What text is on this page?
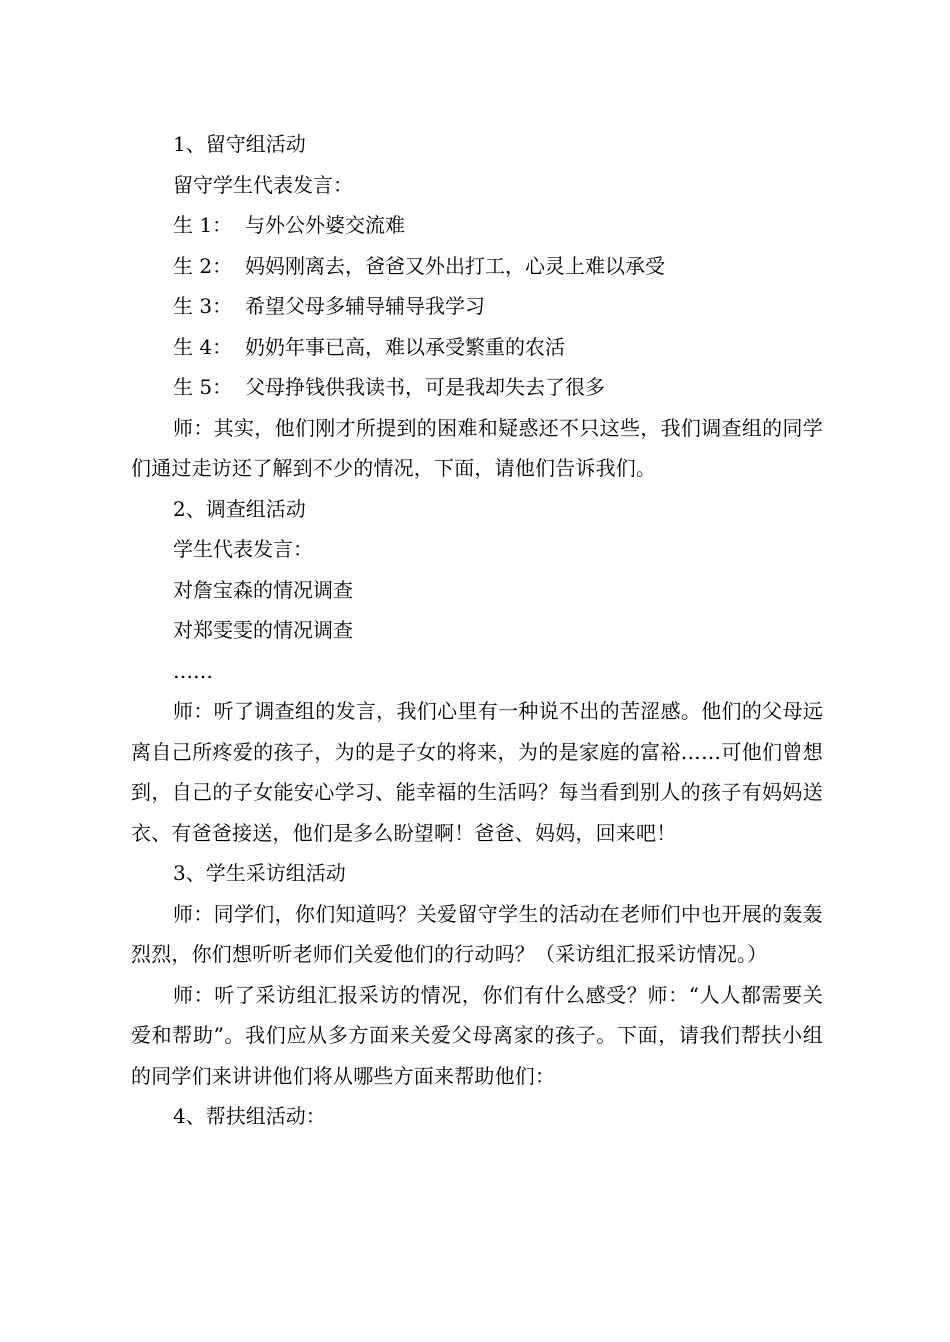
1、留守组活动
留守学生代表发言：
生 1： 与外公外婆交流难
生 2： 妈妈刚离去，爸爸又外出打工，心灵上难以承受
生 3： 希望父母多辅导辅导我学习
生 4： 奶奶年事已高，难以承受繁重的农活
生 5： 父母挣钱供我读书，可是我却失去了很多
师：其实，他们刚才所提到的困难和疑惑还不只这些，我们调查组的同学们通过走访还了解到不少的情况，下面，请他们告诉我们。
2、调查组活动
学生代表发言：
对詹宝森的情况调查
对郑雯雯的情况调查
……
师：听了调查组的发言，我们心里有一种说不出的苦涩感。他们的父母远离自己所疼爱的孩子，为的是子女的将来，为的是家庭的富裕……可他们曾想到，自己的子女能安心学习、能幸福的生活吗？每当看到别人的孩子有妈妈送衣、有爸爸接送，他们是多么盼望啊！爸爸、妈妈，回来吧！
3、学生采访组活动
师：同学们，你们知道吗？关爱留守学生的活动在老师们中也开展的轰轰烈烈，你们想听听老师们关爱他们的行动吗？（采访组汇报采访情况。）
师：听了采访组汇报采访的情况，你们有什么感受？师：“人人都需要关爱和帮助”。我们应从多方面来关爱父母离家的孩子。下面，请我们帮扶小组的同学们来讲讲他们将从哪些方面来帮助他们：
4、帮扶组活动：
